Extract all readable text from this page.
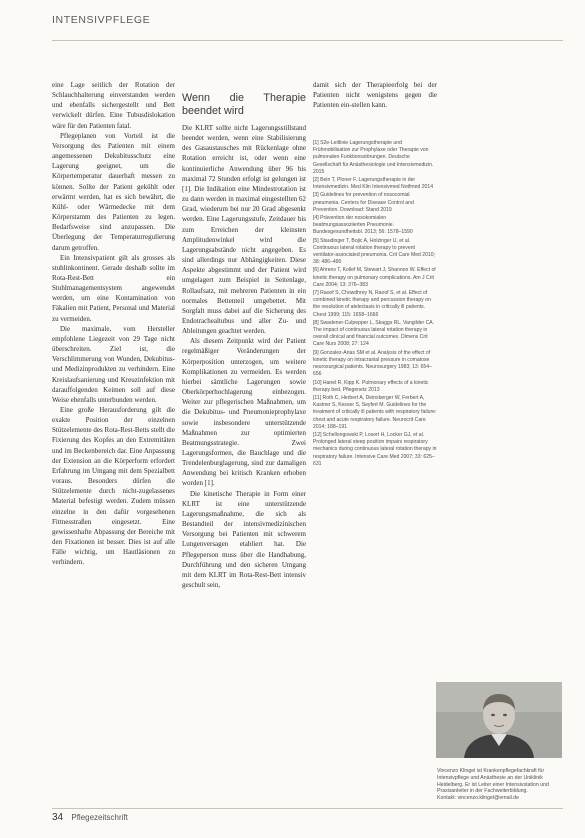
INTENSIVPFLEGE

eine Lage seitlich der Rotation der Schlauchhalterung einverstanden werden und ebenfalls sichergestellt und Bett verwickelt dürfen. Eine Tubusdislokation wäre für den Patienten fatal.

Pflegeplanen von Vorteil ist die Versorgung des Patienten mit einem angemessenen Dekubitusschutz eine Lagerung geeignet, um die Körpertemperatur dauerhaft messen zu können. Sollte der Patient gekühlt oder erwärmt werden, hat es sich bewährt, die Kühl- oder Wärmedecke mit dem Körperstamm des Patienten zu legen. Bedarfsweise sind anzupassen. Die Überlegung der Temperaturregulierung darum getroffen.

Ein Intensivpatient gilt als grosses als stuhlinkontinent. Gerade deshalb sollte im Rota-Rest-Bett ein Stuhlmanagementsystem angewendet werden, um eine Kontamination von Fäkalien mit Patient, Personal und Material zu vermeiden.

Die maximale, vom Hersteller empfohlene Liegezeit von 29 Tage nicht überschreiten. Ziel ist, die Verschlimmerung von Wunden, Dekubitus- und Medizinprodukten zu verhindern. Eine Kreislaufsanierung und Kreuzinfektion mit darauffolgenden Keimen soll auf diese Weise ebenfalls unterbunden werden.

Eine große Herausforderung gilt die exakte Position der einzelnen Stützelemente des Rota-Rest-Betts stellt die Fixierung des Kopfes an den Extremitäten und im Beckenbereich dar. Eine Anpassung der Extension an die Körperform erfordert Erfahrung im Umgang mit dem Spezialbett voraus. Besonders dürfen die Stützelemente durch nicht-zugelassenes Material befestigt werden. Zudem müssen einzelne in den dafür vorgesehenen Fittnesstraßen eingesetzt. Eine gewissenhafte Abpassung der Bereiche mit den Fixationen ist besser. Dies ist auf alle Fälle wichtig, um Hautläsionen zu verhindern.

Wenn die Therapie beendet wird

Die KLRT sollte nicht Lagerungsstillstand beendet werden, wenn eine Stabilisierung des Gasaustausches mit Rückenlage ohne Rotation erreicht ist, oder wenn eine kontinuierliche Anwendung über 96 bis maximal 72 Stunden erfolgt ist gelungen ist [1]. Die Indikation eine Mindestrotation ist zu dann werden in maximal eingestellten 62 Grad, wiederum bei nur 20 Grad abgesenkt werden. Eine Lagerungsstufe, Zeitdauer bis zum Erreichen der kleinsten Amplitudenwinkel wird die Lagerungsabstände nicht angegeben. Es sind allerdings nur Abhängigkeiten. Diese Aspekte abgestimmt und der Patient wird umgelagert zum Beispiel in Seitenlage, Rollaufsatz, mit mehreren Patienten in ein normales Bettenteil umgebettet. Mit Sorgfalt muss dabei auf die Sicherung des Endotrachealtubus und aller Zu- und Ableitungen geachtet werden.

Als diesem Zeitpunkt wird der Patient regelmäßiger Veränderungen der Körperposition unterzogen, um weitere Komplikationen zu vermeiden. Es werden hierbei sämtliche Lagerungen sowie Oberkörperhochlagerung einbezogen. Weiter zur pflegerischen Maßnahmen, um die Dekubitus- und Pneumonieprophylaxe sowie insbesondere unterstützende Maßnahmen zur optimierten Beatmungsstrategie. Zwei Lagerungsformen, die Bauchlage und die Trendelenburglagerung, sind zur damaligen Anwendung bei kritisch Kranken erhoben worden [1].

Die kinetische Therapie in Form einer KLRT ist eine unterstützende Lagerungsmaßnahme, die sich als Bestandteil der intensivmedizinischen Versorgung bei Patienten mit schwerem Lungenversagen etabliert hat. Die Pflegeperson muss über die Handhabung, Durchführung und den sicheren Umgang mit dem KLRT im Rota-Rest-Bett intensiv geschult sein,

damit sich der Therapieerfolg bei der Patienten nicht wenigstens gegen die Patienten ein-stellen kann.

[1] S2e-Leitlinie Lagerungstherapie und Frühmobilisation zur Prophylaxe oder Therapie von pulmonalen Funktionsstörungen. Deutsche Gesellschaft für Anästhesiologie und Intensivmedizin. 2015
[2] Bein T, Ploner F. Lagerungstherapie in der Intensivmedizin. Med Klin Intensivmed Notfmed 2014
[3] Guidelines for prevention of nosocomial pneumonia. Centers for Disease Control and Prevention. Download: Stand 2019
[4] Prävention der nosokomialen beatmungsassoziierten Pneumonie. Bundesgesundheitsbl. 2013; 56: 1578–1590
[5] Staudinger T, Bojic A, Holzinger U, et al. Continuous lateral rotation therapy to prevent ventilator-associated pneumonia. Crit Care Med 2010; 38: 486–490
[6] Ahrens T, Kollef M, Stewart J, Shannon W. Effect of kinetic therapy on pulmonary complications. Am J Crit Care 2004; 13: 376–383
[7] Raoof S, Chowdhrey N, Raoof S, et al. Effect of combined kinetic therapy and percussion therapy on the resolution of atelectasis in critically ill patients. Chest 1999; 115: 1658–1666
[8] Swadener-Culpepper L, Skaggs RL, Vangilder CA. The impact of continuous lateral rotation therapy in overall clinical and financial outcomes. Dimens Crit Care Nurs 2008; 27: 124
[9] Gonzalez-Arias SM et al. Analysis of the effect of kinetic therapy on intracranial pressure in comatose neurosurgical patients. Neurosurgery 1983; 13: 654–656
[10] Hanel R, Kipp K. Pulmonary effects of a kinetic therapy bed. Pflegenetz 2013
[11] Roth C, Herbert A, Deinsberger W, Ferbert A, Kastner S, Kesser S, Seyfert M. Guidelines for the treatment of critically ill patients with respiratory failure: chest and acute respiratory failure. Neurocrit Care 2014; 188–191
[12] Schellongowski P, Losert H, Locker GJ, et al. Prolonged lateral steep position impairs respiratory mechanics during continuous lateral rotation therapy in respiratory failure. Intensive Care Med 2007; 33: 625–631
Vincenzo Klingel ist Krankenpflegefachkraft für Intensivpflege und Anästhesie an der Uniklinik Heidelberg. Er ist Leiter einer Intensivstation und Praxisanleiter in der Fachweiterbildung.
Kontakt: vincenzo.klingel@email.de
34 Pflegezeitschrift
